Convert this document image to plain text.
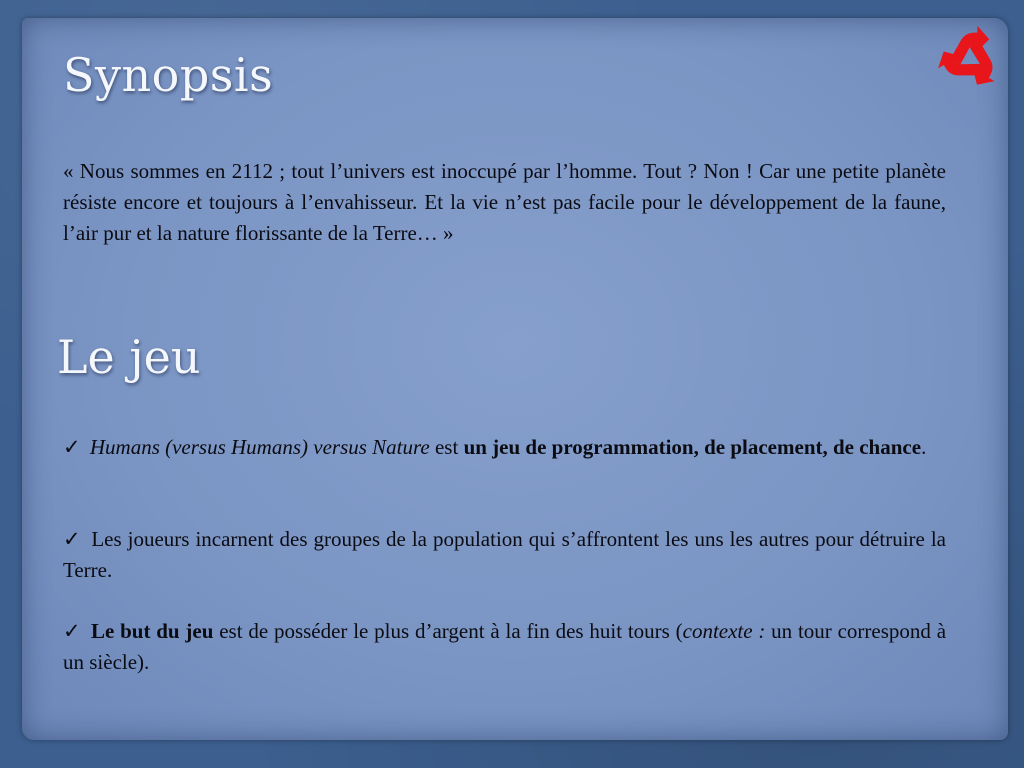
Synopsis

« Nous sommes en 2112 ; tout l’univers est inoccupé par l’homme. Tout ? Non ! Car une petite planète résiste encore et toujours à l’envahisseur. Et la vie n’est pas facile pour le développement de la faune, l’air pur et la nature florissante de la Terre… »

Le jeu

✓ Humans (versus Humans) versus Nature est un jeu de programmation, de placement, de chance.

✓ Les joueurs incarnent des groupes de la population qui s’affrontent les uns les autres pour détruire la Terre.

✓ Le but du jeu est de posséder le plus d’argent à la fin des huit tours (contexte : un tour correspond à un siècle).
